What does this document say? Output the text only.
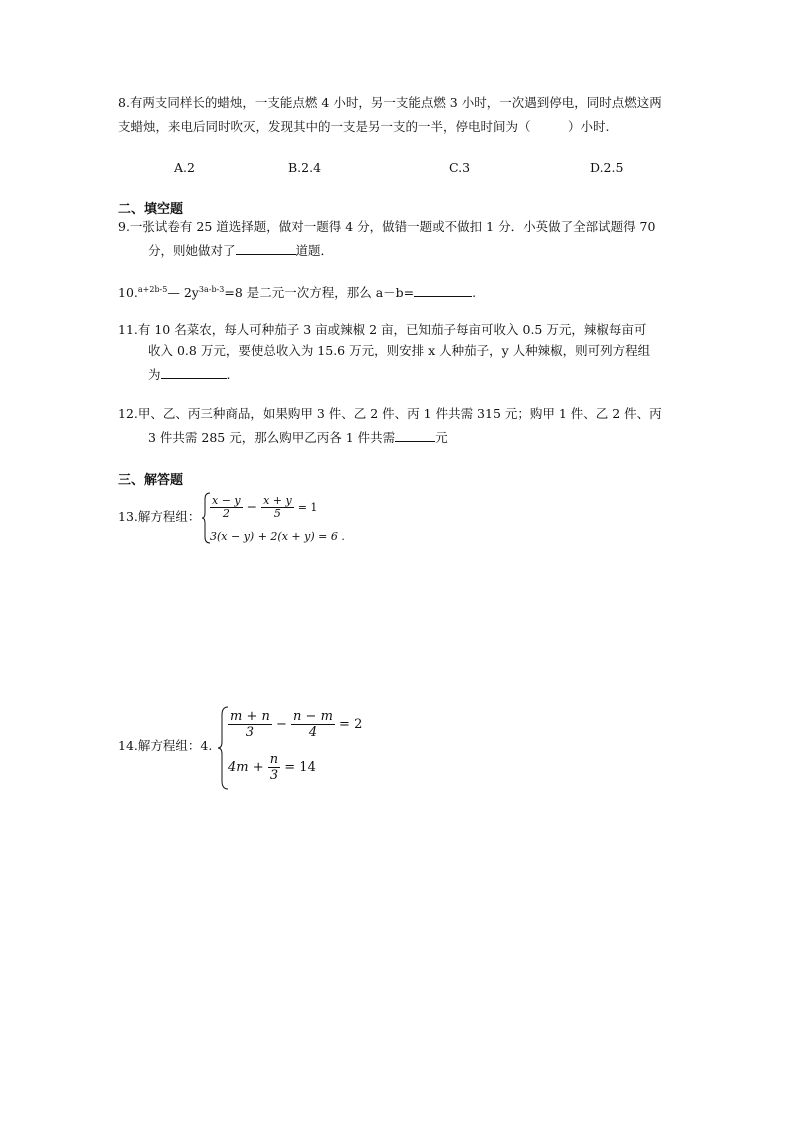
8.有两支同样长的蜡烛，一支能点燃 4 小时，另一支能点燃 3 小时，一次遇到停电，同时点燃这两
支蜡烛，来电后同时吹灭，发现其中的一支是另一支的一半，停电时间为（　　　）小时.
A.2	B.2.4	C.3	D.2.5
二、填空题
9.一张试卷有 25 道选择题，做对一题得 4 分，做错一题或不做扣 1 分．小英做了全部试题得 70
分，则她做对了	道题．
10.$^{a+2b-5}$— $2y^{3a-b-3}=8$ 是二元一次方程，那么 a－b=	.
11.有 10 名菜农，每人可种茄子 3 亩或辣椒 2 亩，已知茄子每亩可收入 0.5 万元，辣椒每亩可
收入 0.8 万元，要使总收入为 15.6 万元，则安排 x 人种茄子，y 人种辣椒，则可列方程组
为	.
12.甲、乙、丙三种商品，如果购甲 3 件、乙 2 件、丙 1 件共需 315 元；购甲 1 件、乙 2 件、丙
3 件共需 285 元，那么购甲乙丙各 1 件共需	元
三、解答题
13.解方程组： $\frac{x - y}{2} - \frac{x + y}{5} = 1$
3(x − y) + 2(x + y) = 6 .
14.解方程组：4.
$\frac{m + n}{3} - \frac{n - m}{4} = 2$
$4m + \frac{n}{3} = 14$
